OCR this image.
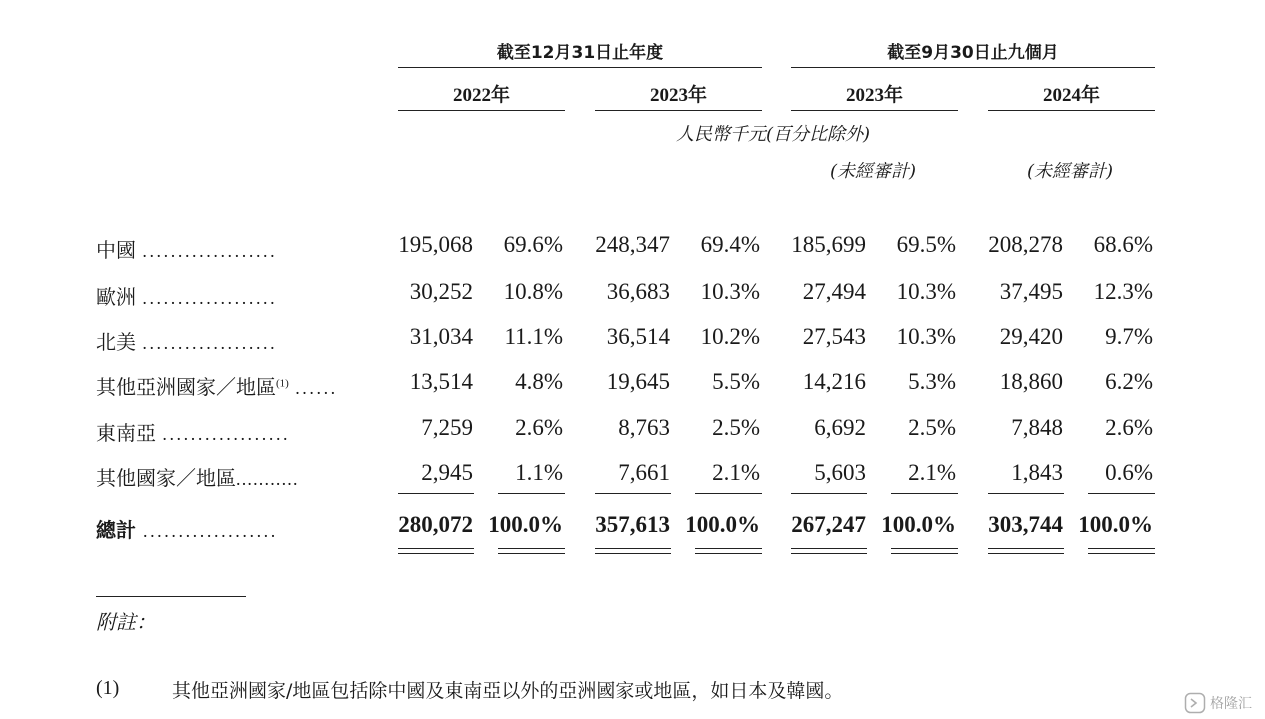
截至12月31日止年度	截至9月30日止九個月
2022年	2023年	2023年	2024年
人民幣千元(百分比除外)
(未經審計)	(未經審計)
中國 ...................	195,068 69.6% 248,347 69.4% 185,699 69.5% 208,278 68.6%
歐洲 ...................	30,252 10.8% 36,683 10.3% 27,494 10.3% 37,495 12.3%
北美 ...................	31,034 11.1% 36,514 10.2% 27,543 10.3% 29,420 9.7%
其他亞洲國家／地區$^{(1)}$ ......	13,514 4.8% 19,645 5.5% 14,216 5.3% 18,860 6.2%
東南亞 ..................	7,259 2.6% 8,763 2.5% 6,692 2.5% 7,848 2.6%
其他國家／地區...........	2,945 1.1% 7,661 2.1% 5,603 2.1% 1,843 0.6%
總計 ...................	280,072 100.0% 357,613 100.0% 267,247 100.0% 303,744 100.0%
附註：
(1)	其他亞洲國家/地區包括除中國及東南亞以外的亞洲國家或地區，如日本及韓國。
格隆汇
